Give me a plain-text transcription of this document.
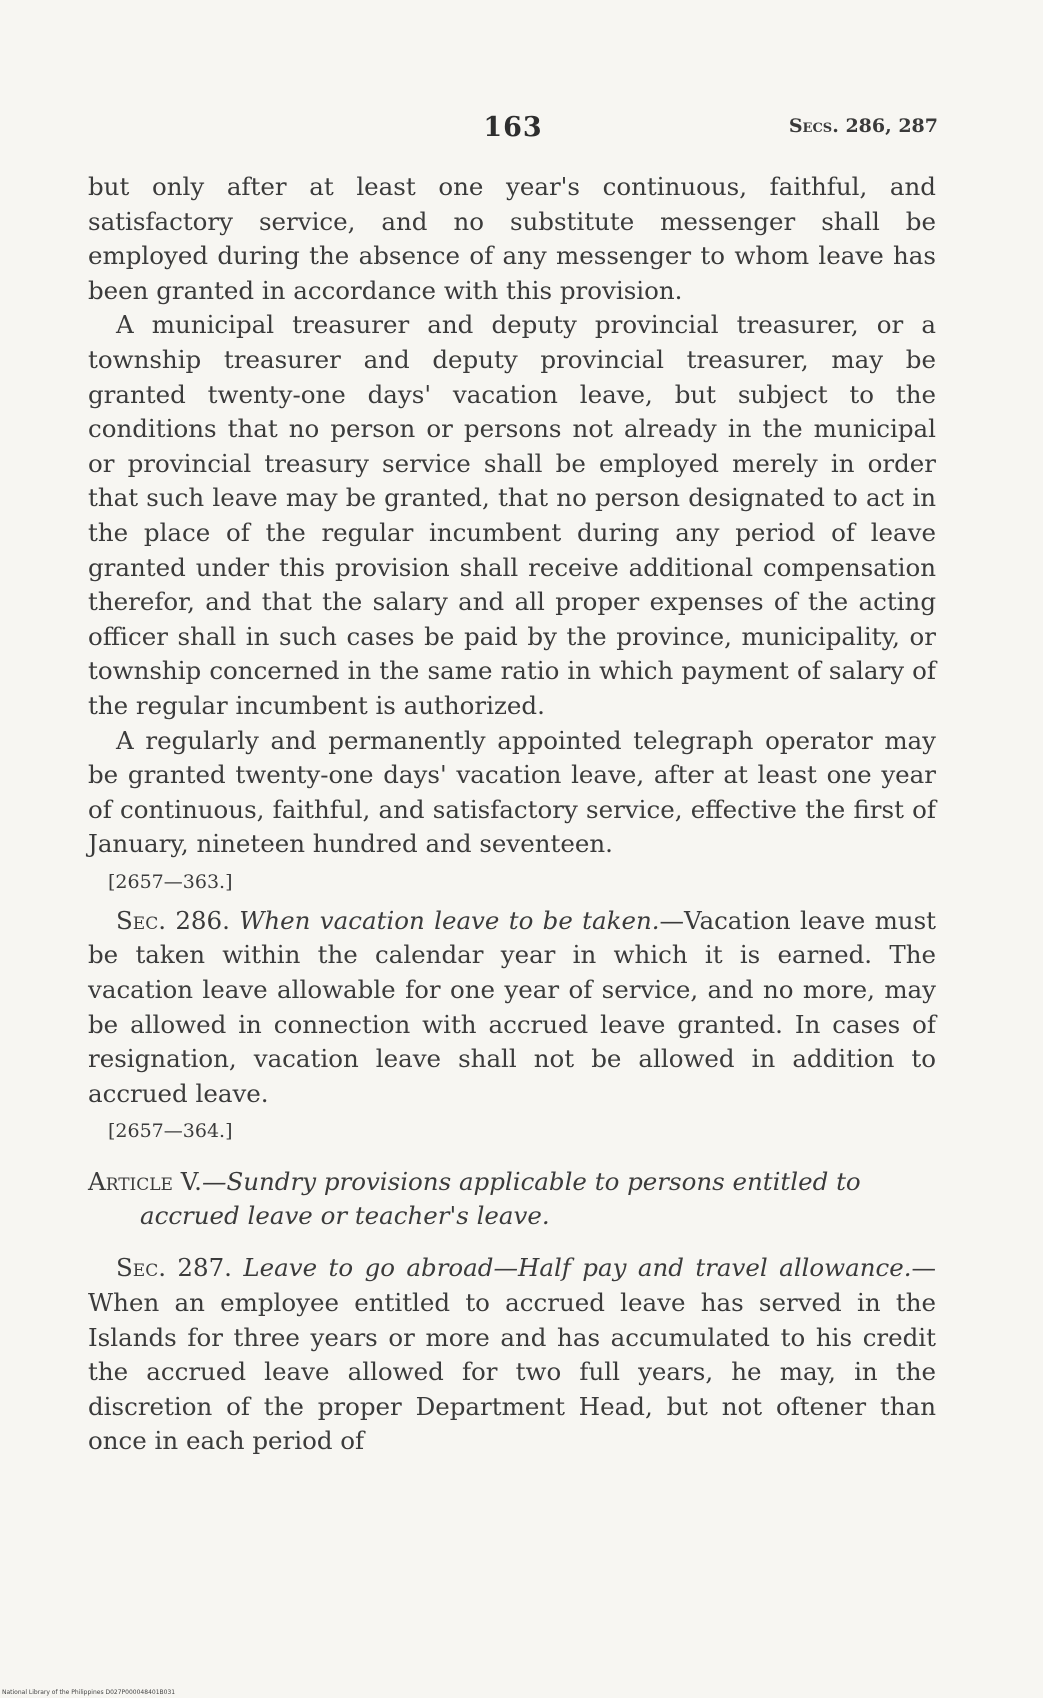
163	Secs. 286, 287

but only after at least one year's continuous, faithful, and satisfactory service, and no substitute messenger shall be employed during the absence of any messenger to whom leave has been granted in accordance with this provision.

A municipal treasurer and deputy provincial treasurer, or a township treasurer and deputy provincial treasurer, may be granted twenty-one days' vacation leave, but subject to the conditions that no person or persons not already in the municipal or provincial treasury service shall be employed merely in order that such leave may be granted, that no person designated to act in the place of the regular incumbent during any period of leave granted under this provision shall receive additional compensation therefor, and that the salary and all proper expenses of the acting officer shall in such cases be paid by the province, municipality, or township concerned in the same ratio in which payment of salary of the regular incumbent is authorized.

A regularly and permanently appointed telegraph operator may be granted twenty-one days' vacation leave, after at least one year of continuous, faithful, and satisfactory service, effective the first of January, nineteen hundred and seventeen.

[2657—363.]

Sec. 286. When vacation leave to be taken.—Vacation leave must be taken within the calendar year in which it is earned. The vacation leave allowable for one year of service, and no more, may be allowed in connection with accrued leave granted. In cases of resignation, vacation leave shall not be allowed in addition to accrued leave.

[2657—364.]
Article V.—Sundry provisions applicable to persons entitled to accrued leave or teacher's leave.

Sec. 287. Leave to go abroad—Half pay and travel allowance.—When an employee entitled to accrued leave has served in the Islands for three years or more and has accumulated to his credit the accrued leave allowed for two full years, he may, in the discretion of the proper Department Head, but not oftener than once in each period of

National Library of the Philippines D027P000048401B031
